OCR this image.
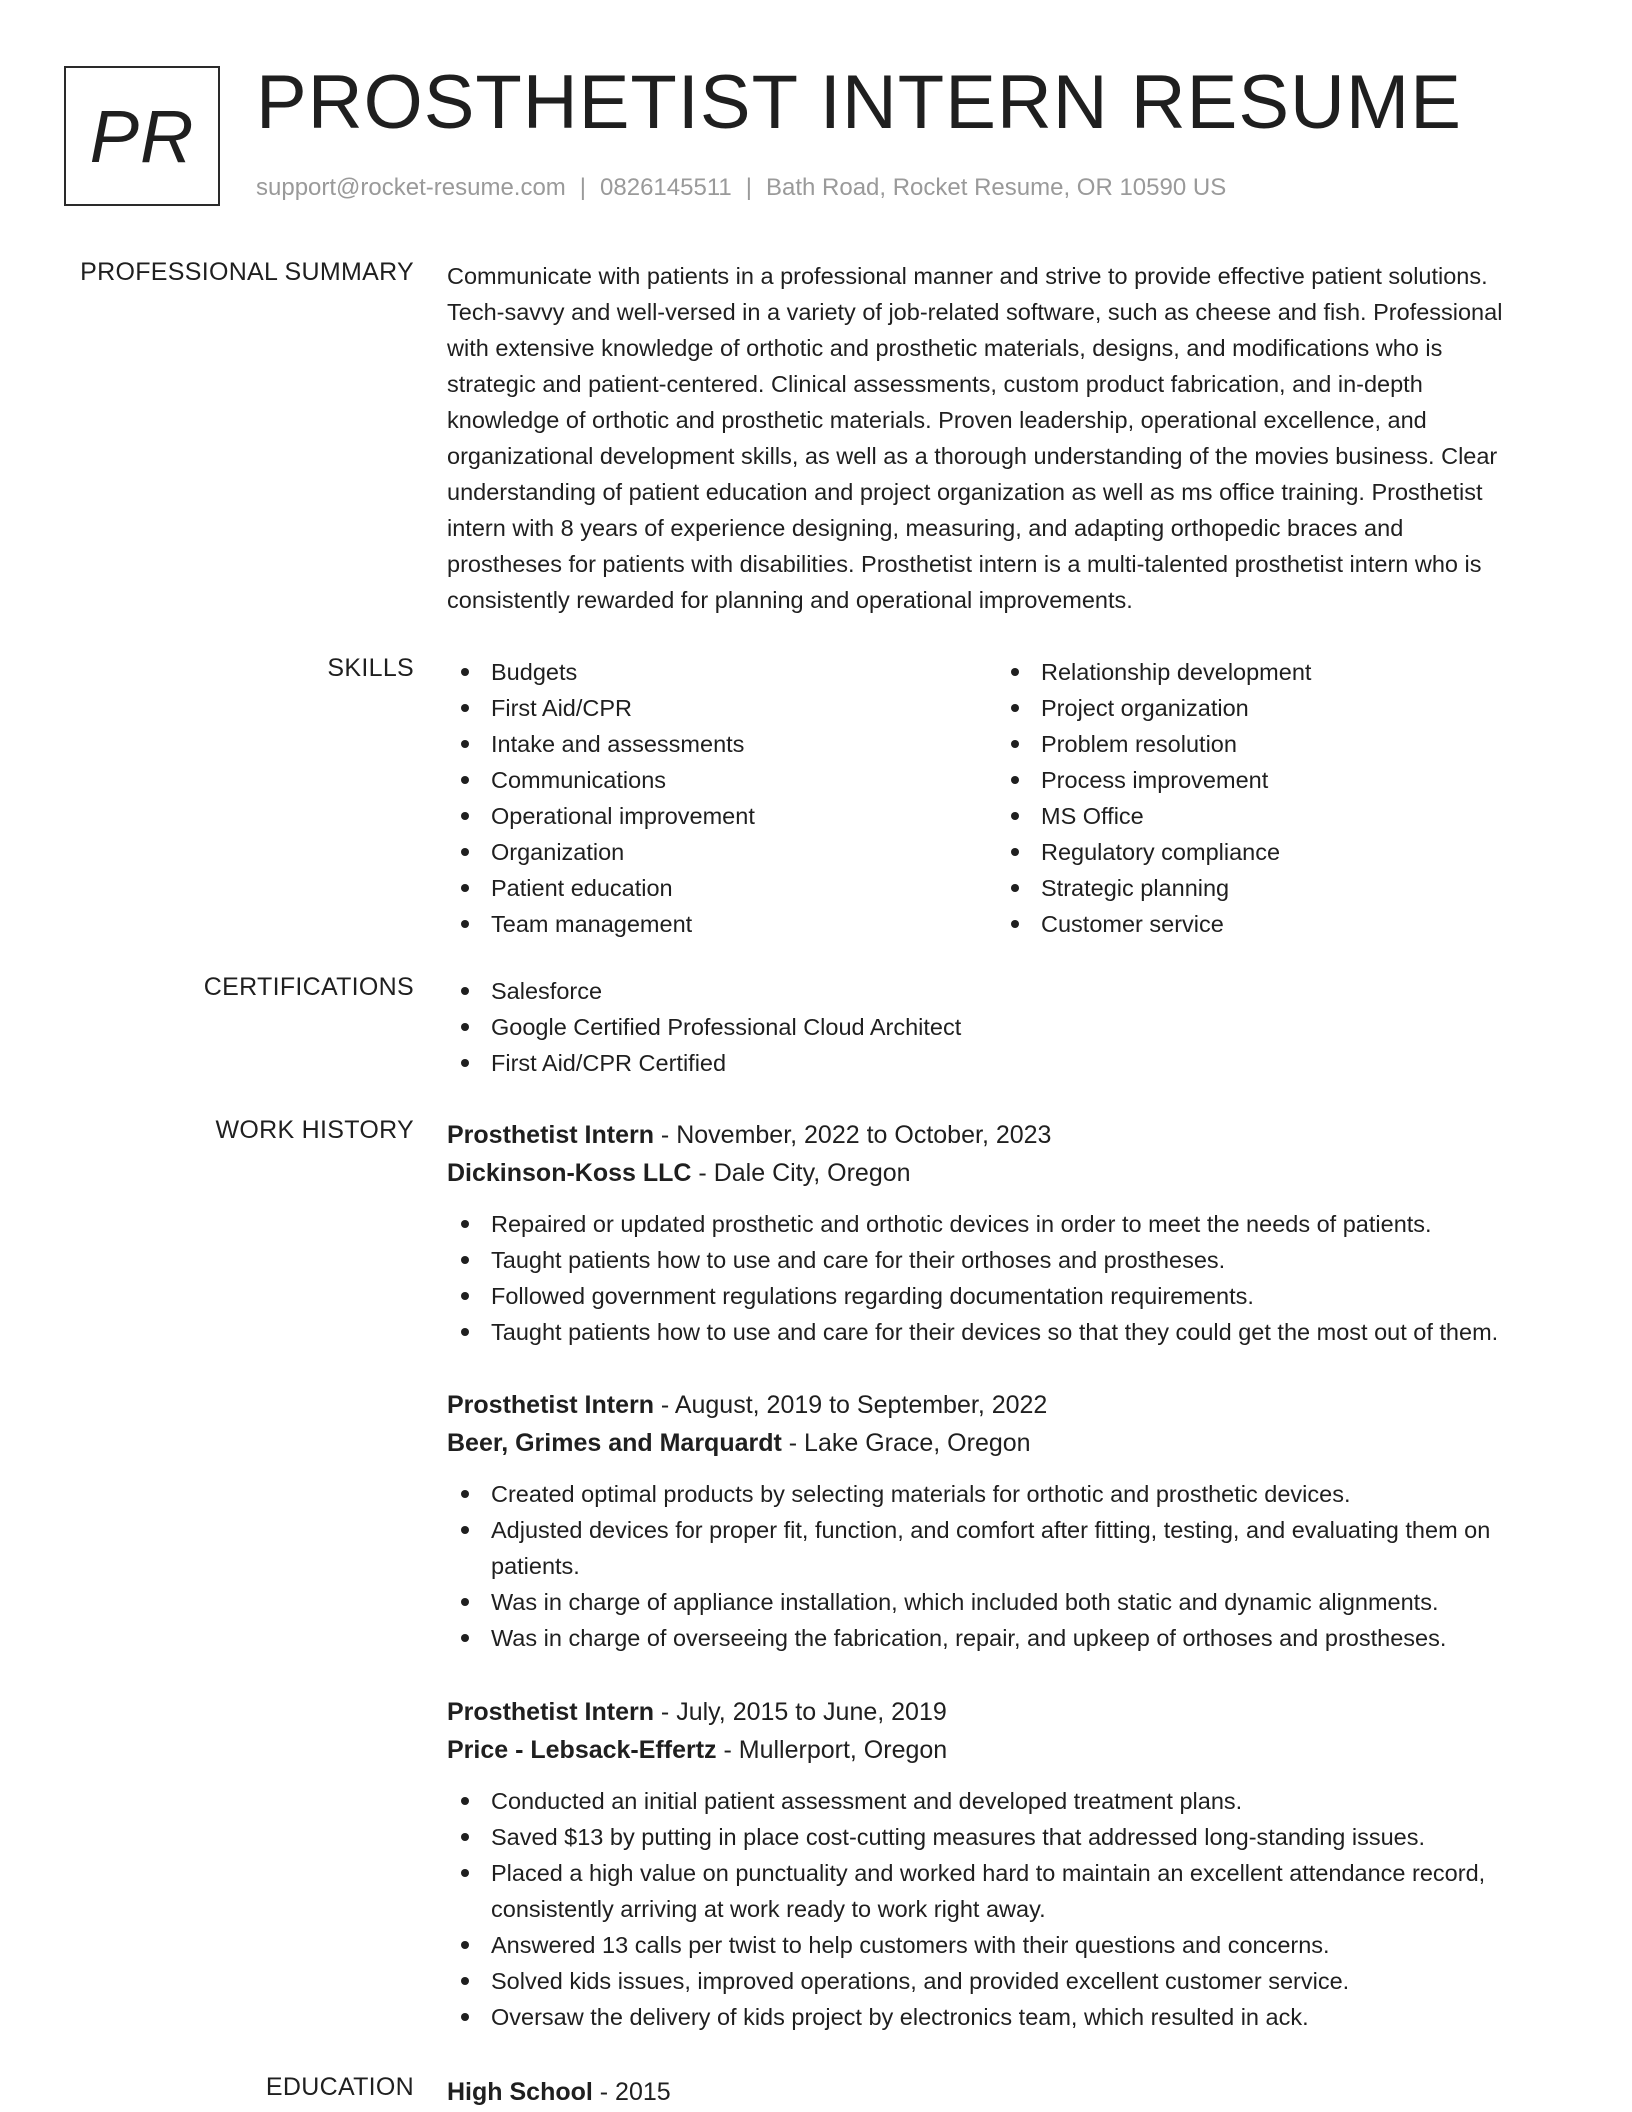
PR PROSTHETIST INTERN RESUME
support@rocket-resume.com | 0826145511 | Bath Road, Rocket Resume, OR 10590 US
PROFESSIONAL SUMMARY Communicate with patients in a professional manner and strive to provide effective patient solutions.
Tech-savvy and well-versed in a variety of job-related software, such as cheese and fish. Professional
with extensive knowledge of orthotic and prosthetic materials, designs, and modifications who is
strategic and patient-centered. Clinical assessments, custom product fabrication, and in-depth
knowledge of orthotic and prosthetic materials. Proven leadership, operational excellence, and
organizational development skills, as well as a thorough understanding of the movies business. Clear
understanding of patient education and project organization as well as ms office training. Prosthetist
intern with 8 years of experience designing, measuring, and adapting orthopedic braces and
prostheses for patients with disabilities. Prosthetist intern is a multi-talented prosthetist intern who is
consistently rewarded for planning and operational improvements.

SKILLS	Budgets
First Aid/CPR
Intake and assessments
Communications
Operational improvement
Organization
Patient education
Team management
Relationship development
Project organization
Problem resolution
Process improvement
MS Office
Regulatory compliance
Strategic planning
Customer service
CERTIFICATIONS	Salesforce
Google Certified Professional Cloud Architect
First Aid/CPR Certified
WORK HISTORY Prosthetist Intern - November, 2022 to October, 2023
Dickinson-Koss LLC - Dale City, Oregon
Repaired or updated prosthetic and orthotic devices in order to meet the needs of patients.
Taught patients how to use and care for their orthoses and prostheses.
Followed government regulations regarding documentation requirements.
Taught patients how to use and care for their devices so that they could get the most out of them.
Prosthetist Intern - August, 2019 to September, 2022
Beer, Grimes and Marquardt - Lake Grace, Oregon
Created optimal products by selecting materials for orthotic and prosthetic devices.
Adjusted devices for proper fit, function, and comfort after fitting, testing, and evaluating them on patients.
Was in charge of appliance installation, which included both static and dynamic alignments.
Was in charge of overseeing the fabrication, repair, and upkeep of orthoses and prostheses.
Prosthetist Intern - July, 2015 to June, 2019
Price - Lebsack-Effertz - Mullerport, Oregon
Conducted an initial patient assessment and developed treatment plans.
Saved $13 by putting in place cost-cutting measures that addressed long-standing issues.
Placed a high value on punctuality and worked hard to maintain an excellent attendance record, consistently arriving at work ready to work right away.
Answered 13 calls per twist to help customers with their questions and concerns.
Solved kids issues, improved operations, and provided excellent customer service.
Oversaw the delivery of kids project by electronics team, which resulted in ack.
EDUCATION High School - 2015
